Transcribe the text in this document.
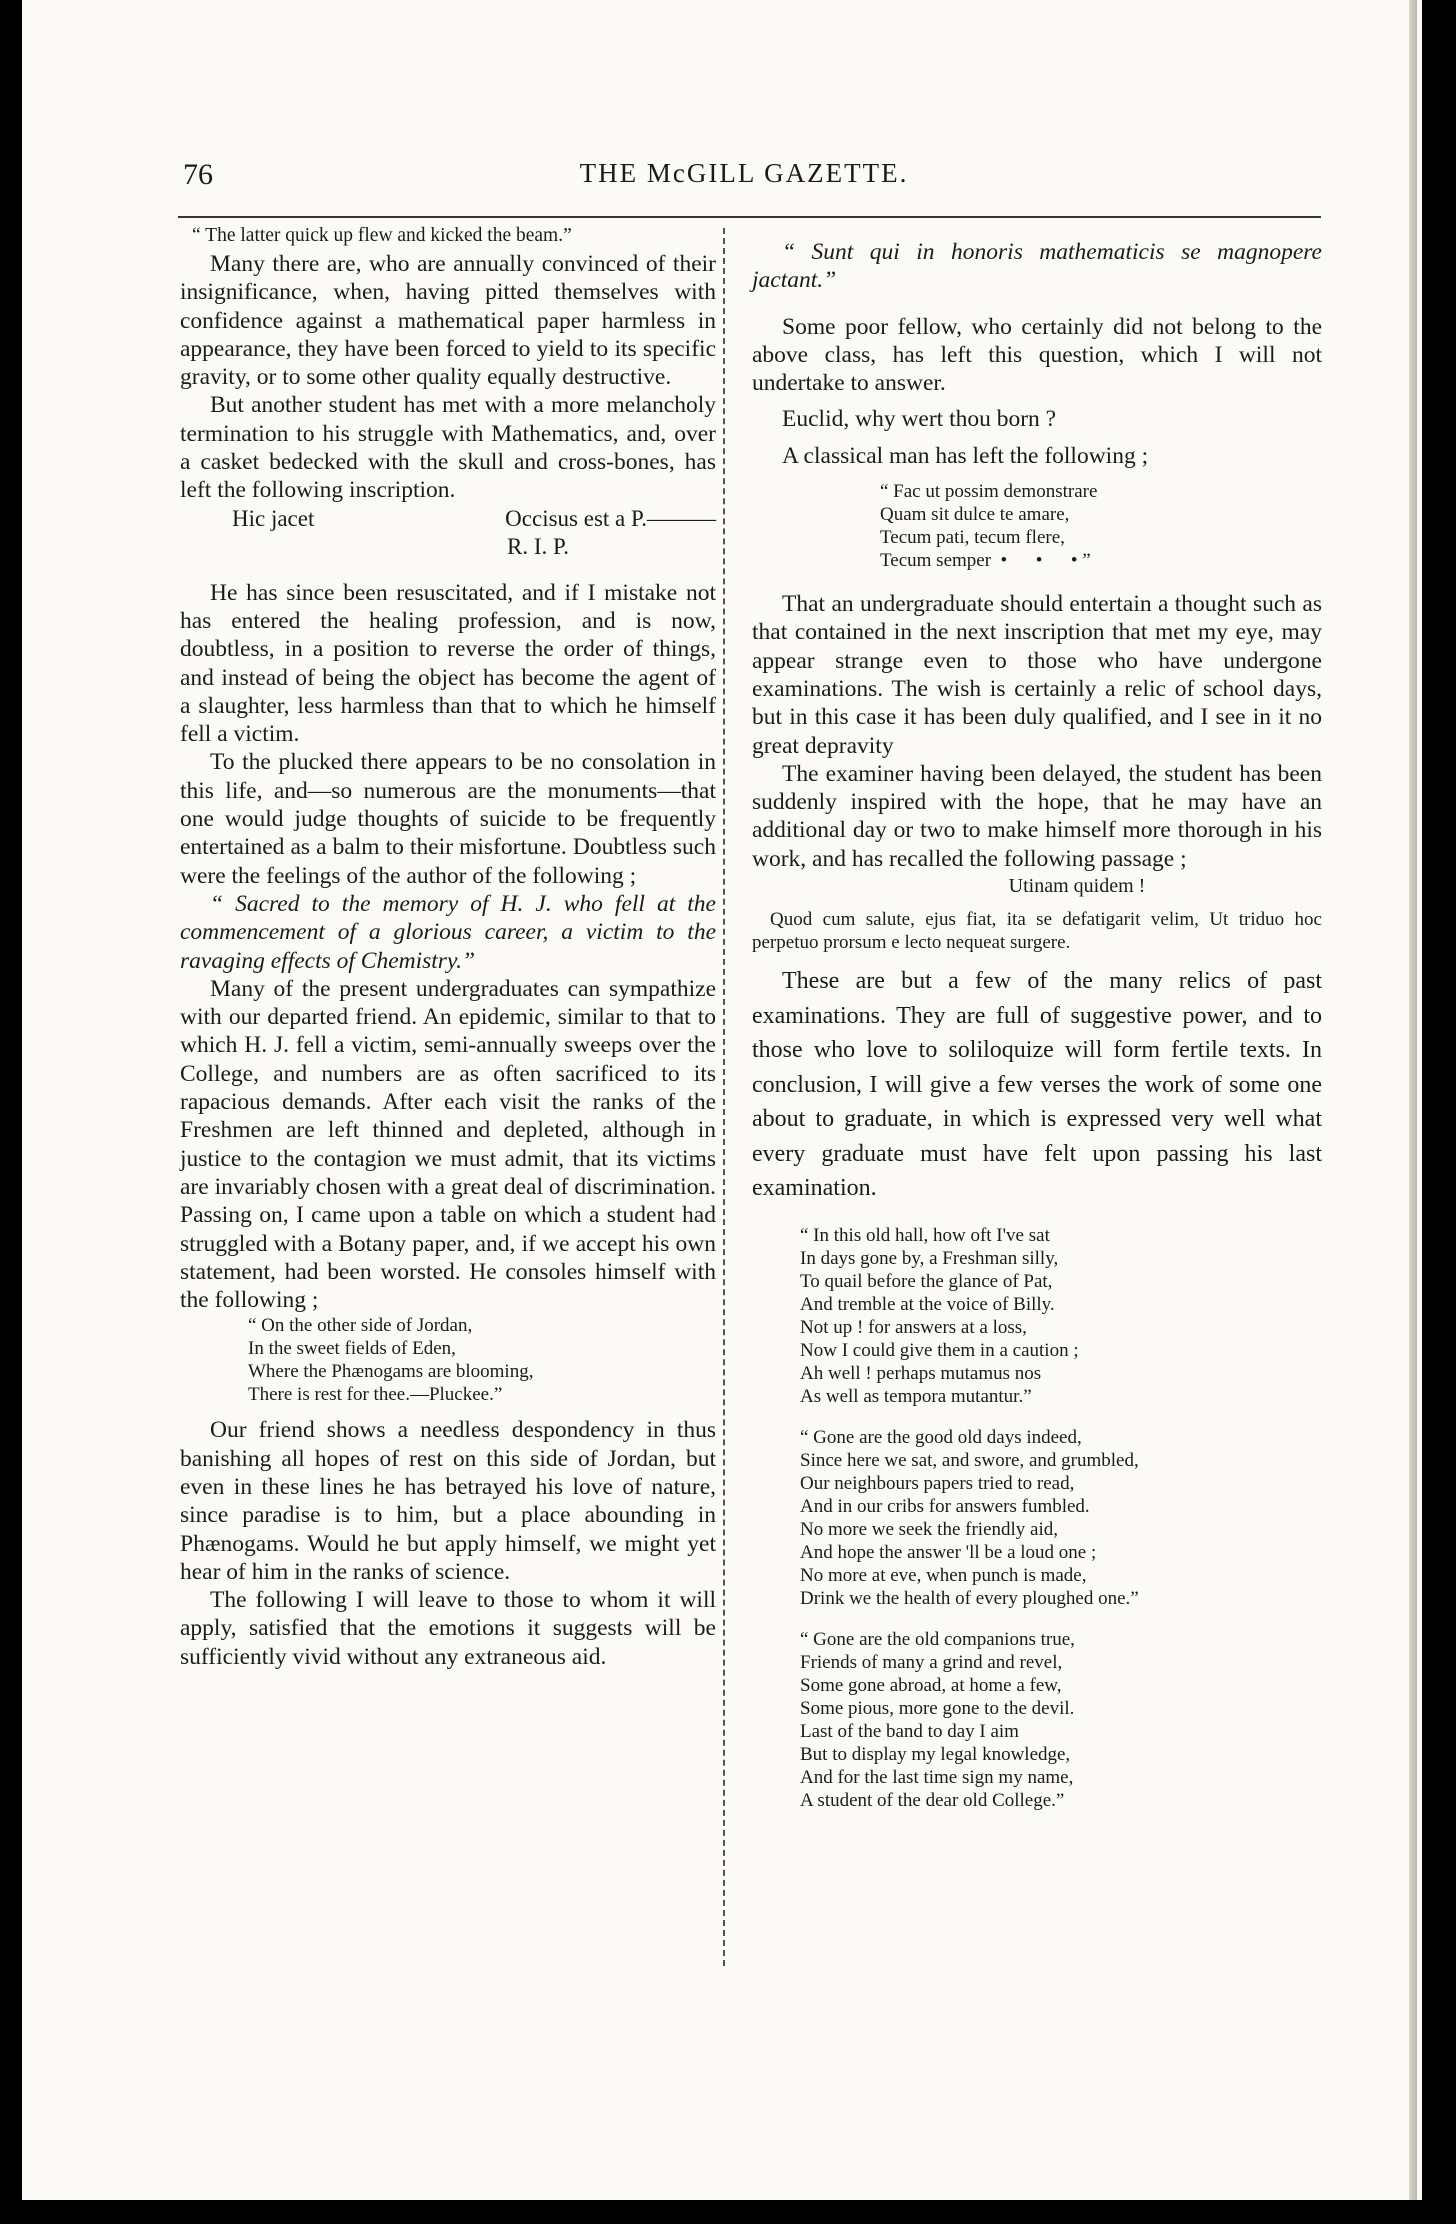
76	THE McGILL GAZETTE.

“ The latter quick up flew and kicked the beam.”

Many there are, who are annually convinced of their insignificance, when, having pitted themselves with confidence against a mathematical paper harmless in appearance, they have been forced to yield to its specific gravity, or to some other quality equally destructive.

But another student has met with a more melancholy termination to his struggle with Mathematics, and, over a casket bedecked with the skull and cross-bones, has left the following inscription.

Hic jacet	Occisus est a P.———
R. I. P.

He has since been resuscitated, and if I mistake not has entered the healing profession, and is now, doubtless, in a position to reverse the order of things, and instead of being the object has become the agent of a slaughter, less harmless than that to which he himself fell a victim.

To the plucked there appears to be no consolation in this life, and—so numerous are the monuments—that one would judge thoughts of suicide to be frequently entertained as a balm to their misfortune. Doubtless such were the feelings of the author of the following ;

“ Sacred to the memory of H. J. who fell at the commencement of a glorious career, a victim to the ravaging effects of Chemistry.”

Many of the present undergraduates can sympathize with our departed friend. An epidemic, similar to that to which H. J. fell a victim, semi-annually sweeps over the College, and numbers are as often sacrificed to its rapacious demands. After each visit the ranks of the Freshmen are left thinned and depleted, although in justice to the contagion we must admit, that its victims are invariably chosen with a great deal of discrimination. Passing on, I came upon a table on which a student had struggled with a Botany paper, and, if we accept his own statement, had been worsted. He consoles himself with the following ;

“ On the other side of Jordan,
In the sweet fields of Eden,
Where the Phænogams are blooming,
There is rest for thee.—Pluckee.”

Our friend shows a needless despondency in thus banishing all hopes of rest on this side of Jordan, but even in these lines he has betrayed his love of nature, since paradise is to him, but a place abounding in Phænogams. Would he but apply himself, we might yet hear of him in the ranks of science.

The following I will leave to those to whom it will apply, satisfied that the emotions it suggests will be sufficiently vivid without any extraneous aid.

“ Sunt qui in honoris mathematicis se magnopere jactant.”

Some poor fellow, who certainly did not belong to the above class, has left this question, which I will not undertake to answer.

Euclid, why wert thou born ?

A classical man has left the following ;

“ Fac ut possim demonstrare
Quam sit dulce te amare,
Tecum pati, tecum flere,
Tecum semper  •      •      • ”

That an undergraduate should entertain a thought such as that contained in the next inscription that met my eye, may appear strange even to those who have undergone examinations. The wish is certainly a relic of school days, but in this case it has been duly qualified, and I see in it no great depravity

The examiner having been delayed, the student has been suddenly inspired with the hope, that he may have an additional day or two to make himself more thorough in his work, and has recalled the following passage ;

Utinam quidem !

Quod cum salute, ejus fiat, ita se defatigarit velim, Ut triduo hoc perpetuo prorsum e lecto nequeat surgere.

These are but a few of the many relics of past examinations. They are full of suggestive power, and to those who love to soliloquize will form fertile texts. In conclusion, I will give a few verses the work of some one about to graduate, in which is expressed very well what every graduate must have felt upon passing his last examination.

“ In this old hall, how oft I've sat
In days gone by, a Freshman silly,
To quail before the glance of Pat,
And tremble at the voice of Billy.
Not up ! for answers at a loss,
Now I could give them in a caution ;
Ah well ! perhaps mutamus nos
As well as tempora mutantur.”
“ Gone are the good old days indeed,
Since here we sat, and swore, and grumbled,
Our neighbours papers tried to read,
And in our cribs for answers fumbled.
No more we seek the friendly aid,
And hope the answer 'll be a loud one ;
No more at eve, when punch is made,
Drink we the health of every ploughed one.”
“ Gone are the old companions true,
Friends of many a grind and revel,
Some gone abroad, at home a few,
Some pious, more gone to the devil.
Last of the band to day I aim
But to display my legal knowledge,
And for the last time sign my name,
A student of the dear old College.”
